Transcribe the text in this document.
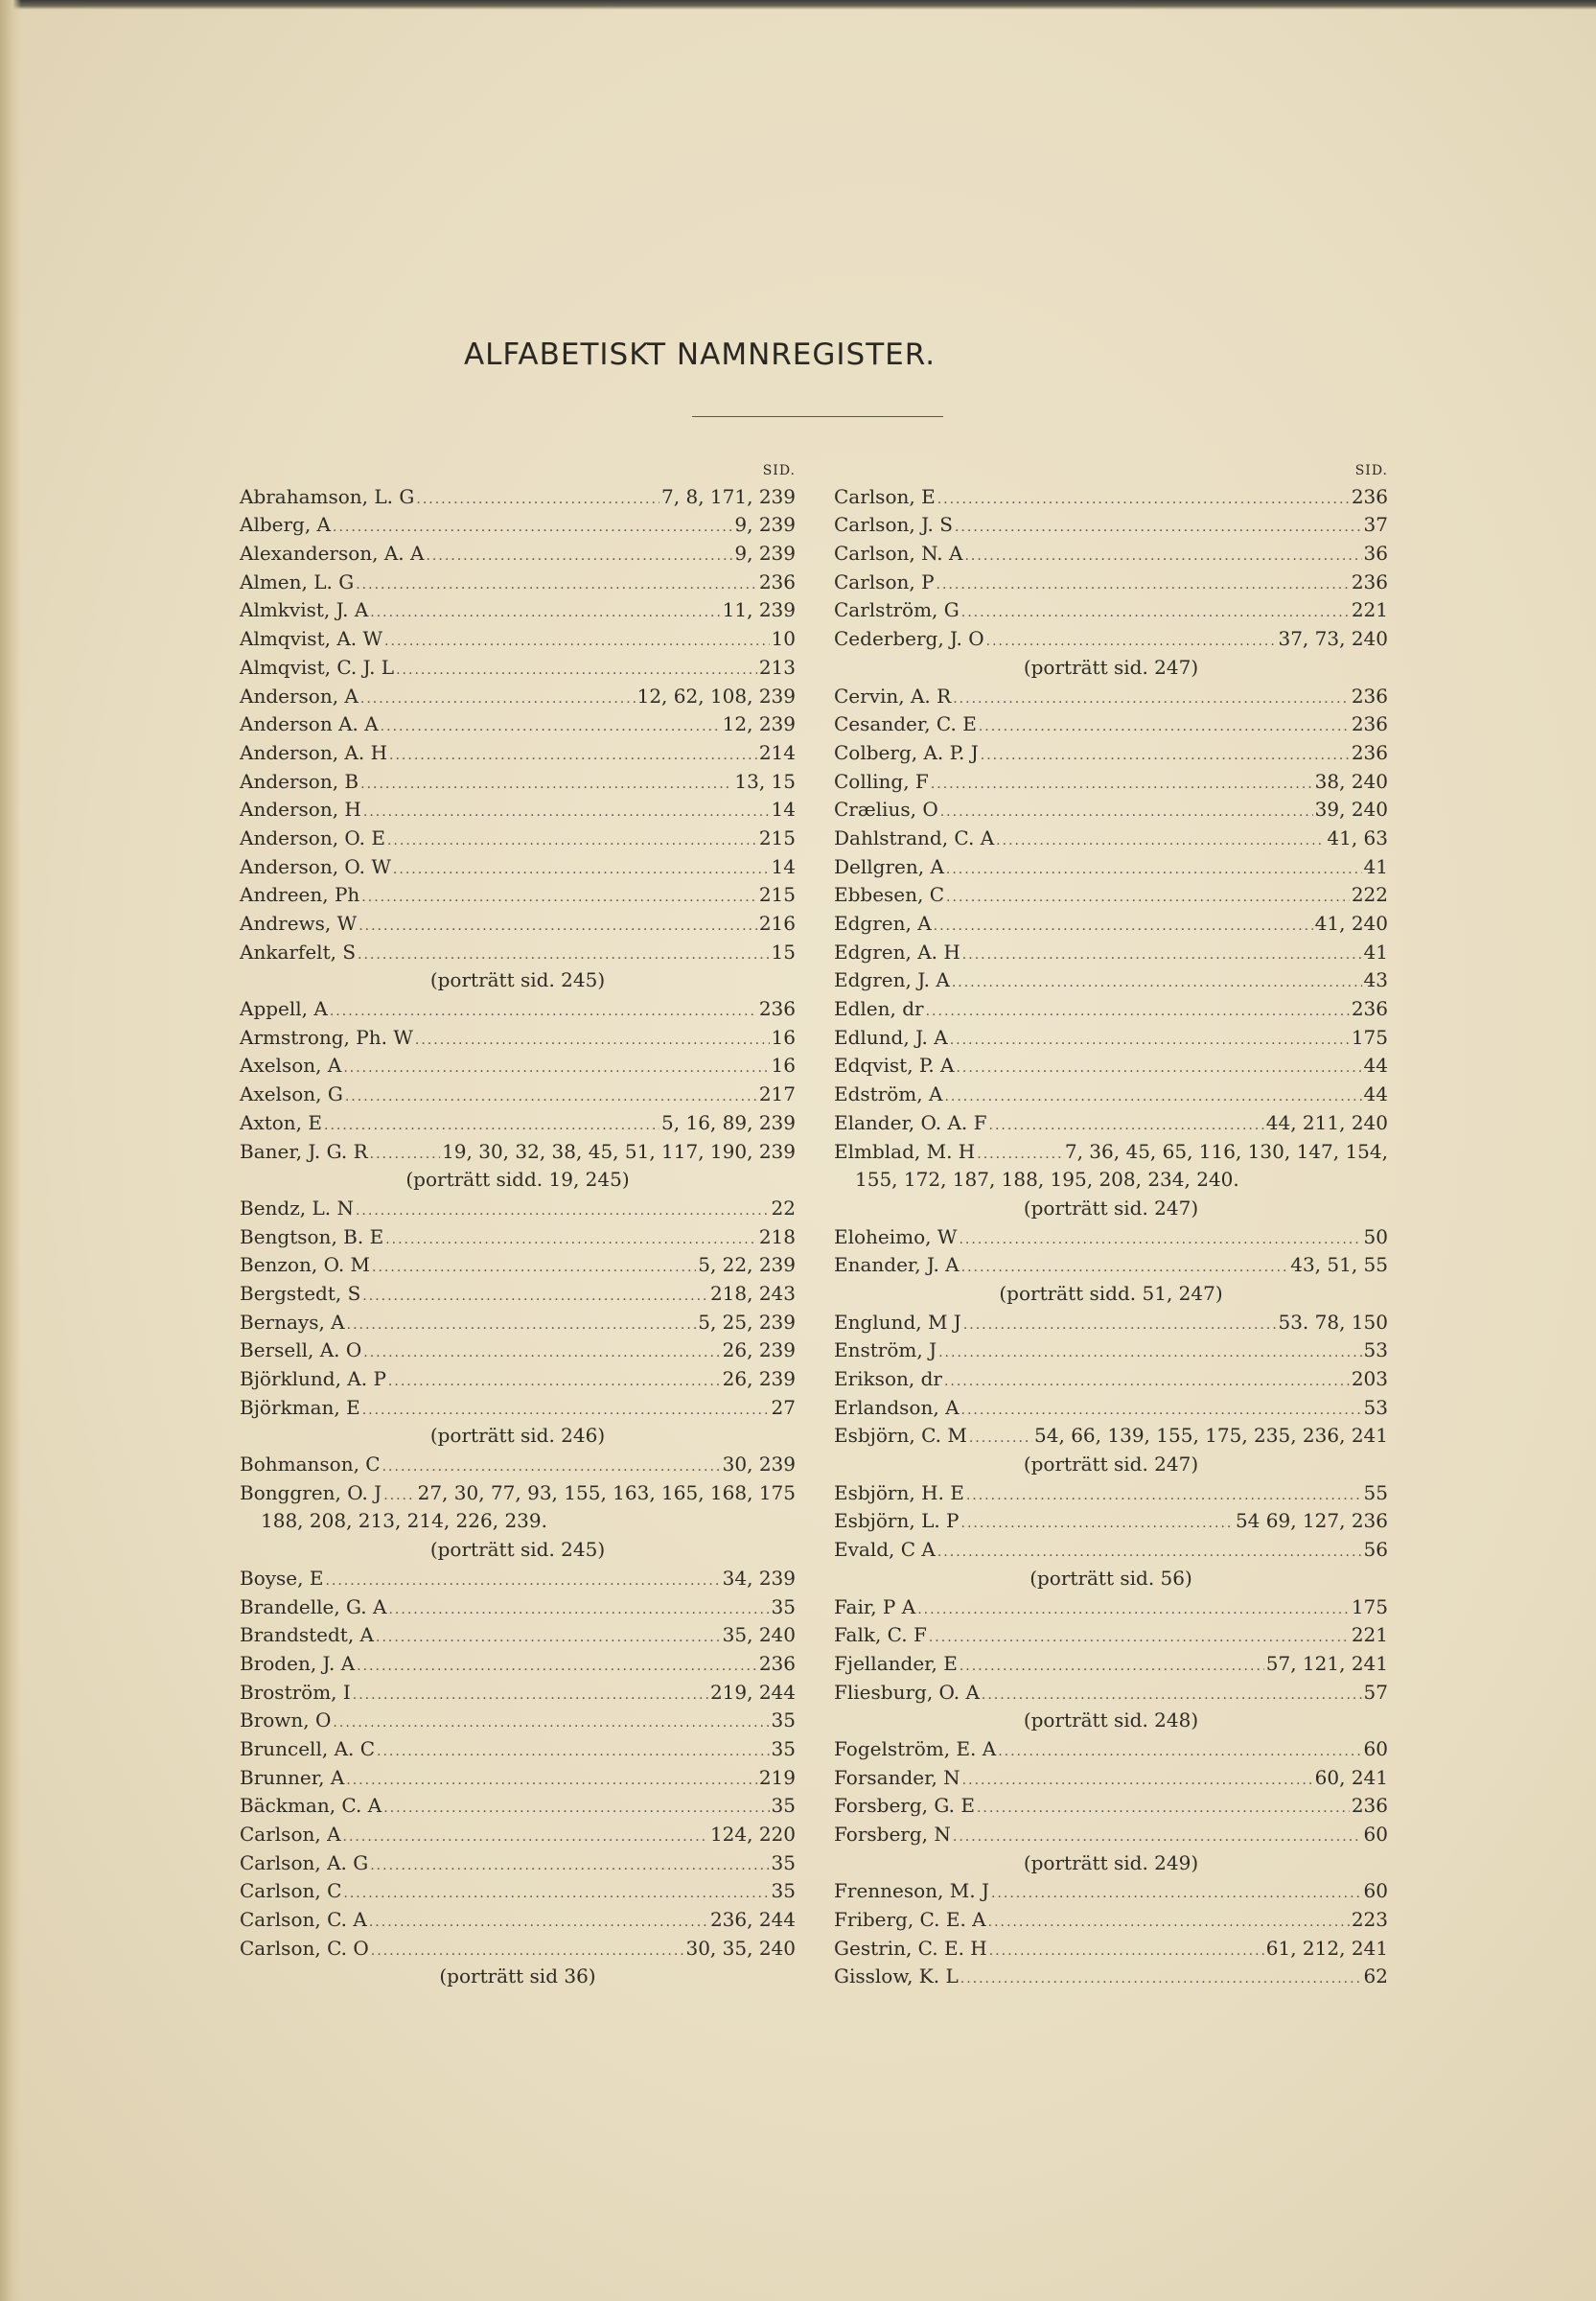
ALFABETISKT NAMNREGISTER.
SID.
Abrahamson, L. G .....	7, 8, 171, 239
Alberg, A .....	9, 239
Alexanderson, A. A .....	9, 239
Almen, L. G .....	236
Almkvist, J. A .....	11, 239
Almqvist, A. W .....	10
Almqvist, C. J. L .....	213
Anderson, A .....	12, 62, 108, 239
Anderson A. A .....	12, 239
Anderson, A. H .....	214
Anderson, B .....	13, 15
Anderson, H .....	14
Anderson, O. E .....	215
Anderson, O. W .....	14
Andreen, Ph .....	215
Andrews, W .....	216
Ankarfelt, S .....	15
(porträtt sid. 245)
Appell, A .....	236
Armstrong, Ph. W .....	16
Axelson, A .....	16
Axelson, G .....	217
Axton, E .....	5, 16, 89, 239
Baner, J. G. R .....	19, 30, 32, 38, 45, 51, 117, 190, 239
(porträtt sidd. 19, 245)
Bendz, L. N .....	22
Bengtson, B. E .....	218
Benzon, O. M .....	5, 22, 239
Bergstedt, S .....	218, 243
Bernays, A .....	5, 25, 239
Bersell, A. O .....	26, 239
Björklund, A. P .....	26, 239
Björkman, E .....	27
(porträtt sid. 246)
Bohmanson, C .....	30, 239
Bonggren, O. J ..... 27, 30, 77, 93, 155, 163, 165, 168, 175
188, 208, 213, 214, 226, 239.
(porträtt sid. 245)
Boyse, E .....	34, 239
Brandelle, G. A .....	35
Brandstedt, A .....	35, 240
Broden, J. A .....	236
Broström, I .....	219, 244
Brown, O .....	35
Bruncell, A. C .....	35
Brunner, A .....	219
Bäckman, C. A .....	35
Carlson, A .....	124, 220
Carlson, A. G .....	35
Carlson, C .....	35
Carlson, C. A .....	236, 244
Carlson, C. O .....	30, 35, 240
(porträtt sid 36)
SID.
Carlson, E .....	236
Carlson, J. S .....	37
Carlson, N. A .....	36
Carlson, P .....	236
Carlström, G .....	221
Cederberg, J. O .....	37, 73, 240
(porträtt sid. 247)
Cervin, A. R .....	236
Cesander, C. E .....	236
Colberg, A. P. J .....	236
Colling, F .....	38, 240
Crælius, O .....	39, 240
Dahlstrand, C. A .....	41, 63
Dellgren, A .....	41
Ebbesen, C .....	222
Edgren, A .....	41, 240
Edgren, A. H .....	41
Edgren, J. A .....	43
Edlen, dr .....	236
Edlund, J. A .....	175
Edqvist, P. A .....	44
Edström, A .....	44
Elander, O. A. F .....	44, 211, 240
Elmblad, M. H .....	7, 36, 45, 65, 116, 130, 147, 154,
155, 172, 187, 188, 195, 208, 234, 240.
(porträtt sid. 247)
Eloheimo, W .....	50
Enander, J. A .....	43, 51, 55
(porträtt sidd. 51, 247)
Englund, M J .....	53. 78, 150
Enström, J .....	53
Erikson, dr .....	203
Erlandson, A .....	53
Esbjörn, C. M .....	54, 66, 139, 155, 175, 235, 236, 241
(porträtt sid. 247)
Esbjörn, H. E .....	55
Esbjörn, L. P .....	54 69, 127, 236
Evald, C A .....	56
(porträtt sid. 56)
Fair, P A .....	175
Falk, C. F .....	221
Fjellander, E .....	57, 121, 241
Fliesburg, O. A .....	57
(porträtt sid. 248)
Fogelström, E. A .....	60
Forsander, N .....	60, 241
Forsberg, G. E .....	236
Forsberg, N .....	60
(porträtt sid. 249)
Frenneson, M. J .....	60
Friberg, C. E. A .....	223
Gestrin, C. E. H .....	61, 212, 241
Gisslow, K. L .....	62
